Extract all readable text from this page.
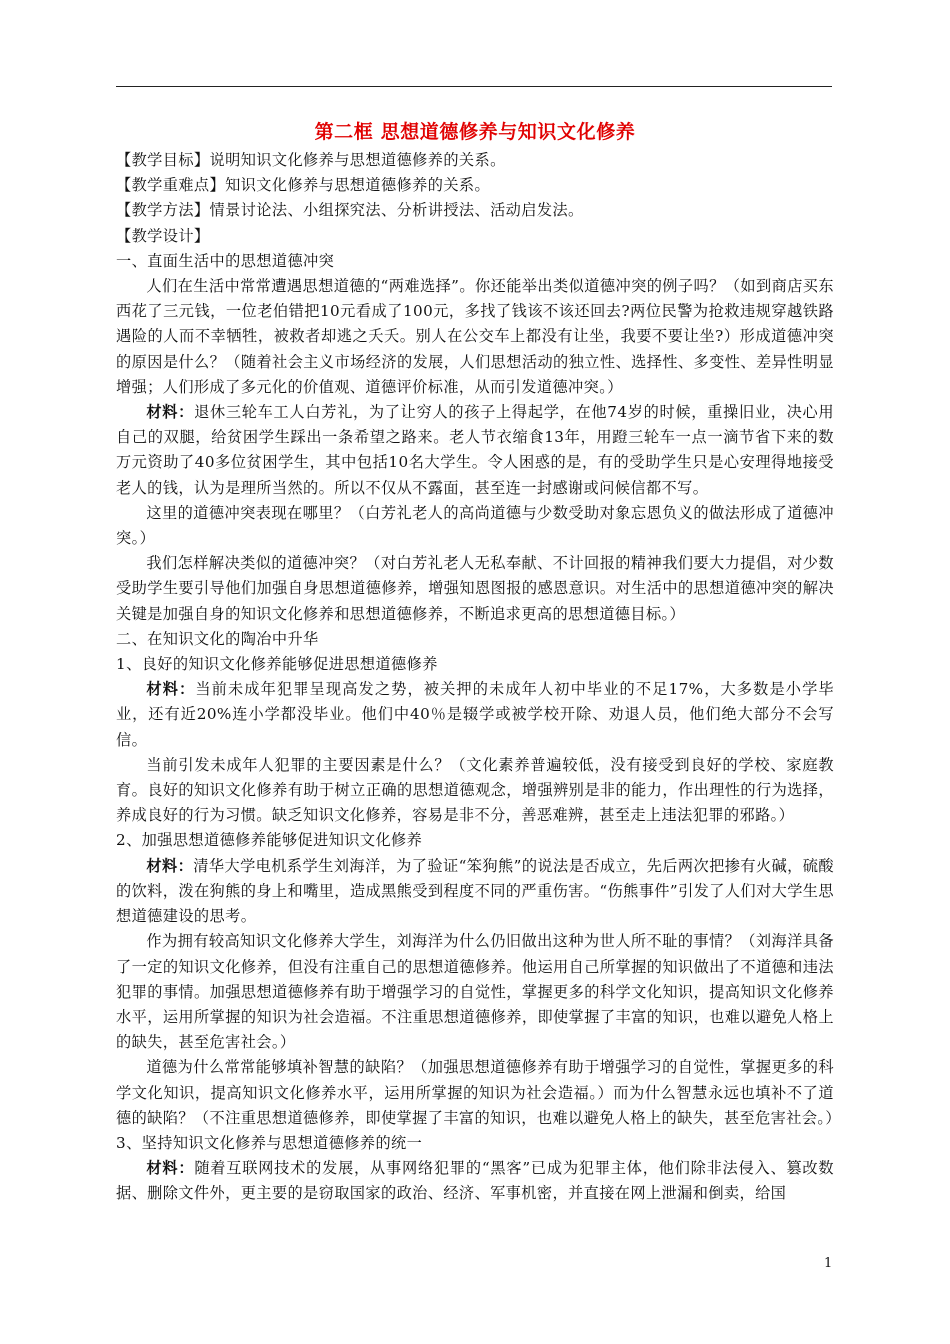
第二框 思想道德修养与知识文化修养
【教学目标】说明知识文化修养与思想道德修养的关系。
【教学重难点】知识文化修养与思想道德修养的关系。
【教学方法】情景讨论法、小组探究法、分析讲授法、活动启发法。
【教学设计】
一、直面生活中的思想道德冲突
人们在生活中常常遭遇思想道德的“两难选择”。你还能举出类似道德冲突的例子吗？（如到商店买东西花了三元钱，一位老伯错把10元看成了100元，多找了钱该不该还回去?两位民警为抢救违规穿越铁路遇险的人而不幸牺牲，被救者却逃之夭夭。别人在公交车上都没有让坐，我要不要让坐?）形成道德冲突的原因是什么？（随着社会主义市场经济的发展，人们思想活动的独立性、选择性、多变性、差异性明显增强；人们形成了多元化的价值观、道德评价标准，从而引发道德冲突。）
材料：退休三轮车工人白芳礼，为了让穷人的孩子上得起学，在他74岁的时候，重操旧业，决心用自己的双腿，给贫困学生踩出一条希望之路来。老人节衣缩食13年，用蹬三轮车一点一滴节省下来的数万元资助了40多位贫困学生，其中包括10名大学生。令人困惑的是，有的受助学生只是心安理得地接受老人的钱，认为是理所当然的。所以不仅从不露面，甚至连一封感谢或问候信都不写。
这里的道德冲突表现在哪里？（白芳礼老人的高尚道德与少数受助对象忘恩负义的做法形成了道德冲突。）
我们怎样解决类似的道德冲突？（对白芳礼老人无私奉献、不计回报的精神我们要大力提倡，对少数受助学生要引导他们加强自身思想道德修养，增强知恩图报的感恩意识。对生活中的思想道德冲突的解决关键是加强自身的知识文化修养和思想道德修养，不断追求更高的思想道德目标。）
二、在知识文化的陶冶中升华
1、良好的知识文化修养能够促进思想道德修养
材料：当前未成年犯罪呈现高发之势，被关押的未成年人初中毕业的不足17%，大多数是小学毕业，还有近20%连小学都没毕业。他们中40％是辍学或被学校开除、劝退人员，他们绝大部分不会写信。
当前引发未成年人犯罪的主要因素是什么？（文化素养普遍较低，没有接受到良好的学校、家庭教育。良好的知识文化修养有助于树立正确的思想道德观念，增强辨别是非的能力，作出理性的行为选择，养成良好的行为习惯。缺乏知识文化修养，容易是非不分，善恶难辨，甚至走上违法犯罪的邪路。）
2、加强思想道德修养能够促进知识文化修养
材料：清华大学电机系学生刘海洋，为了验证“笨狗熊”的说法是否成立，先后两次把掺有火碱，硫酸的饮料，泼在狗熊的身上和嘴里，造成黑熊受到程度不同的严重伤害。“伤熊事件”引发了人们对大学生思想道德建设的思考。
作为拥有较高知识文化修养大学生，刘海洋为什么仍旧做出这种为世人所不耻的事情？（刘海洋具备了一定的知识文化修养，但没有注重自己的思想道德修养。他运用自己所掌握的知识做出了不道德和违法犯罪的事情。加强思想道德修养有助于增强学习的自觉性，掌握更多的科学文化知识，提高知识文化修养水平，运用所掌握的知识为社会造福。不注重思想道德修养，即使掌握了丰富的知识，也难以避免人格上的缺失，甚至危害社会。）
道德为什么常常能够填补智慧的缺陷？（加强思想道德修养有助于增强学习的自觉性，掌握更多的科学文化知识，提高知识文化修养水平，运用所掌握的知识为社会造福。）而为什么智慧永远也填补不了道德的缺陷？（不注重思想道德修养，即使掌握了丰富的知识，也难以避免人格上的缺失，甚至危害社会。）
3、坚持知识文化修养与思想道德修养的统一
材料：随着互联网技术的发展，从事网络犯罪的“黑客”已成为犯罪主体，他们除非法侵入、篡改数据、删除文件外，更主要的是窃取国家的政治、经济、军事机密，并直接在网上泄漏和倒卖，给国
1
